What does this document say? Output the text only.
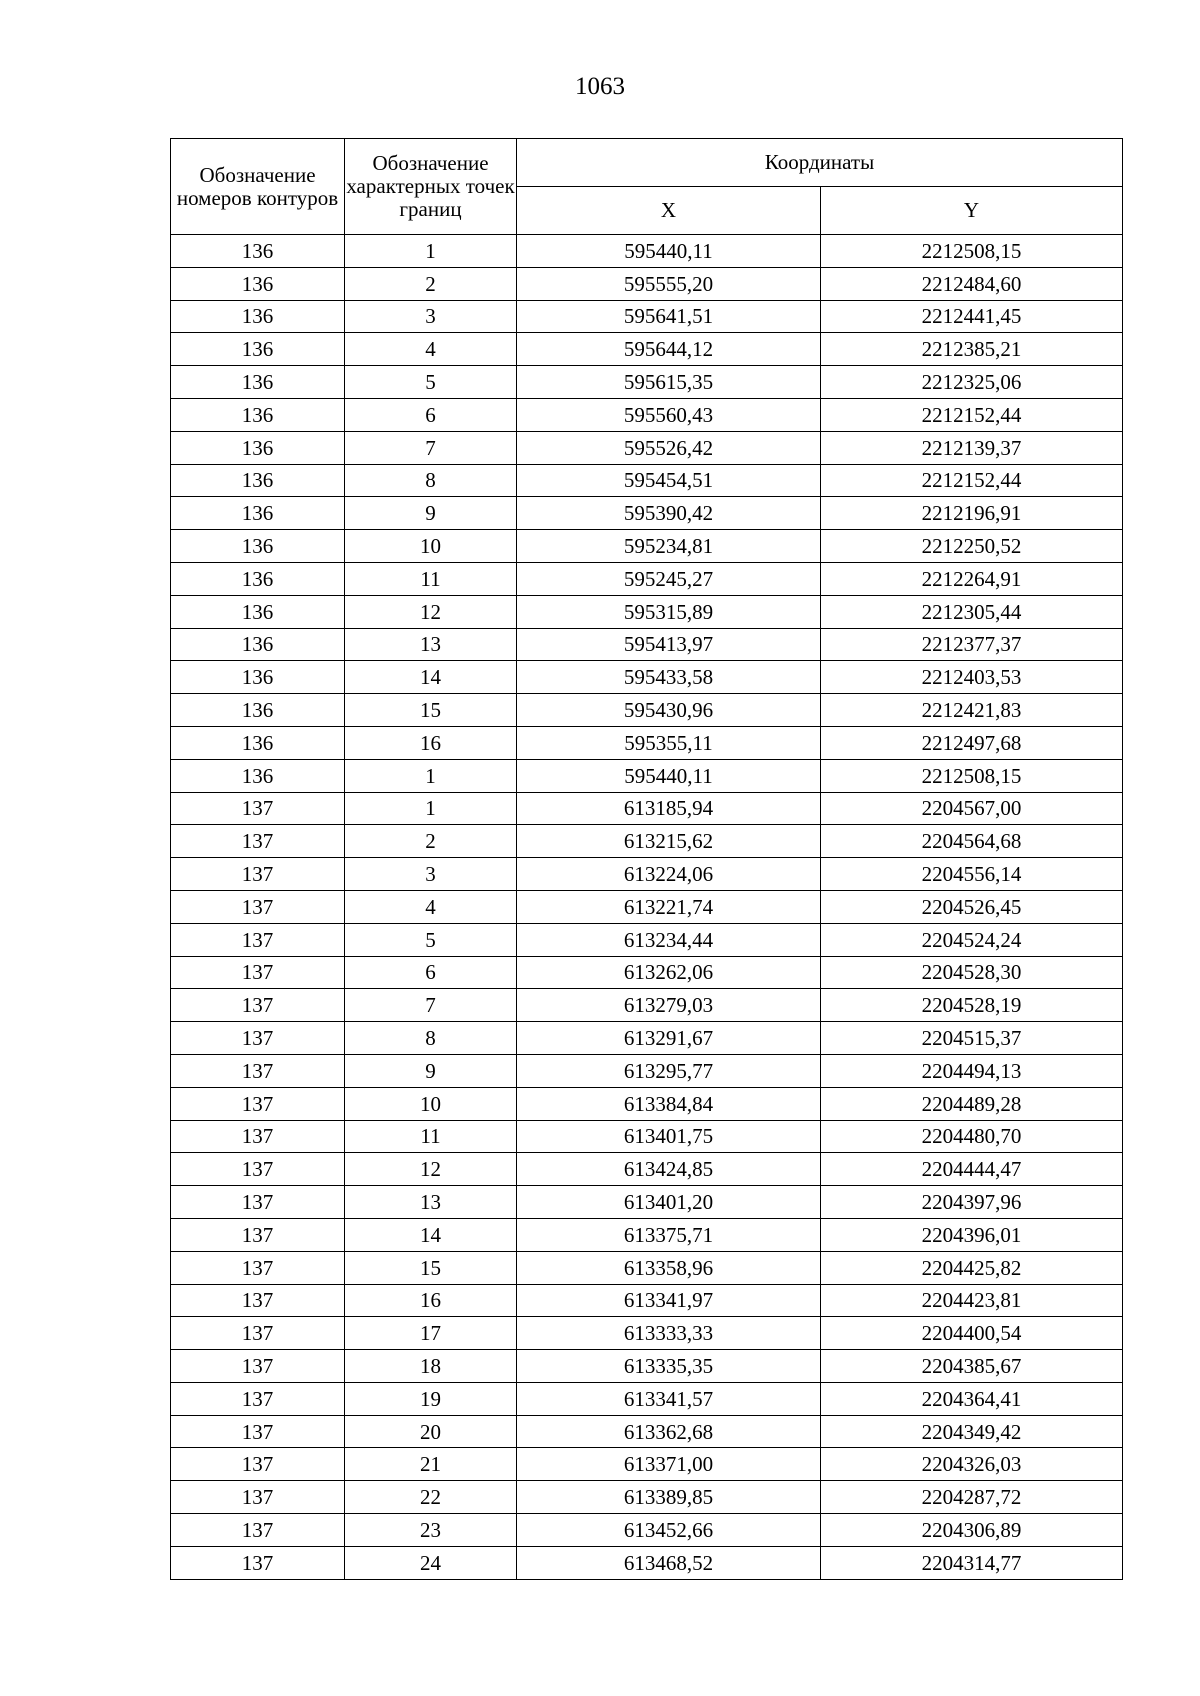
1063
Обозначение номеров контуров	Обозначение характерных точек границ	Координаты	
		X	Y
136	1	595440,11	2212508,15
136	2	595555,20	2212484,60
136	3	595641,51	2212441,45
136	4	595644,12	2212385,21
136	5	595615,35	2212325,06
136	6	595560,43	2212152,44
136	7	595526,42	2212139,37
136	8	595454,51	2212152,44
136	9	595390,42	2212196,91
136	10	595234,81	2212250,52
136	11	595245,27	2212264,91
136	12	595315,89	2212305,44
136	13	595413,97	2212377,37
136	14	595433,58	2212403,53
136	15	595430,96	2212421,83
136	16	595355,11	2212497,68
136	1	595440,11	2212508,15
137	1	613185,94	2204567,00
137	2	613215,62	2204564,68
137	3	613224,06	2204556,14
137	4	613221,74	2204526,45
137	5	613234,44	2204524,24
137	6	613262,06	2204528,30
137	7	613279,03	2204528,19
137	8	613291,67	2204515,37
137	9	613295,77	2204494,13
137	10	613384,84	2204489,28
137	11	613401,75	2204480,70
137	12	613424,85	2204444,47
137	13	613401,20	2204397,96
137	14	613375,71	2204396,01
137	15	613358,96	2204425,82
137	16	613341,97	2204423,81
137	17	613333,33	2204400,54
137	18	613335,35	2204385,67
137	19	613341,57	2204364,41
137	20	613362,68	2204349,42
137	21	613371,00	2204326,03
137	22	613389,85	2204287,72
137	23	613452,66	2204306,89
137	24	613468,52	2204314,77
